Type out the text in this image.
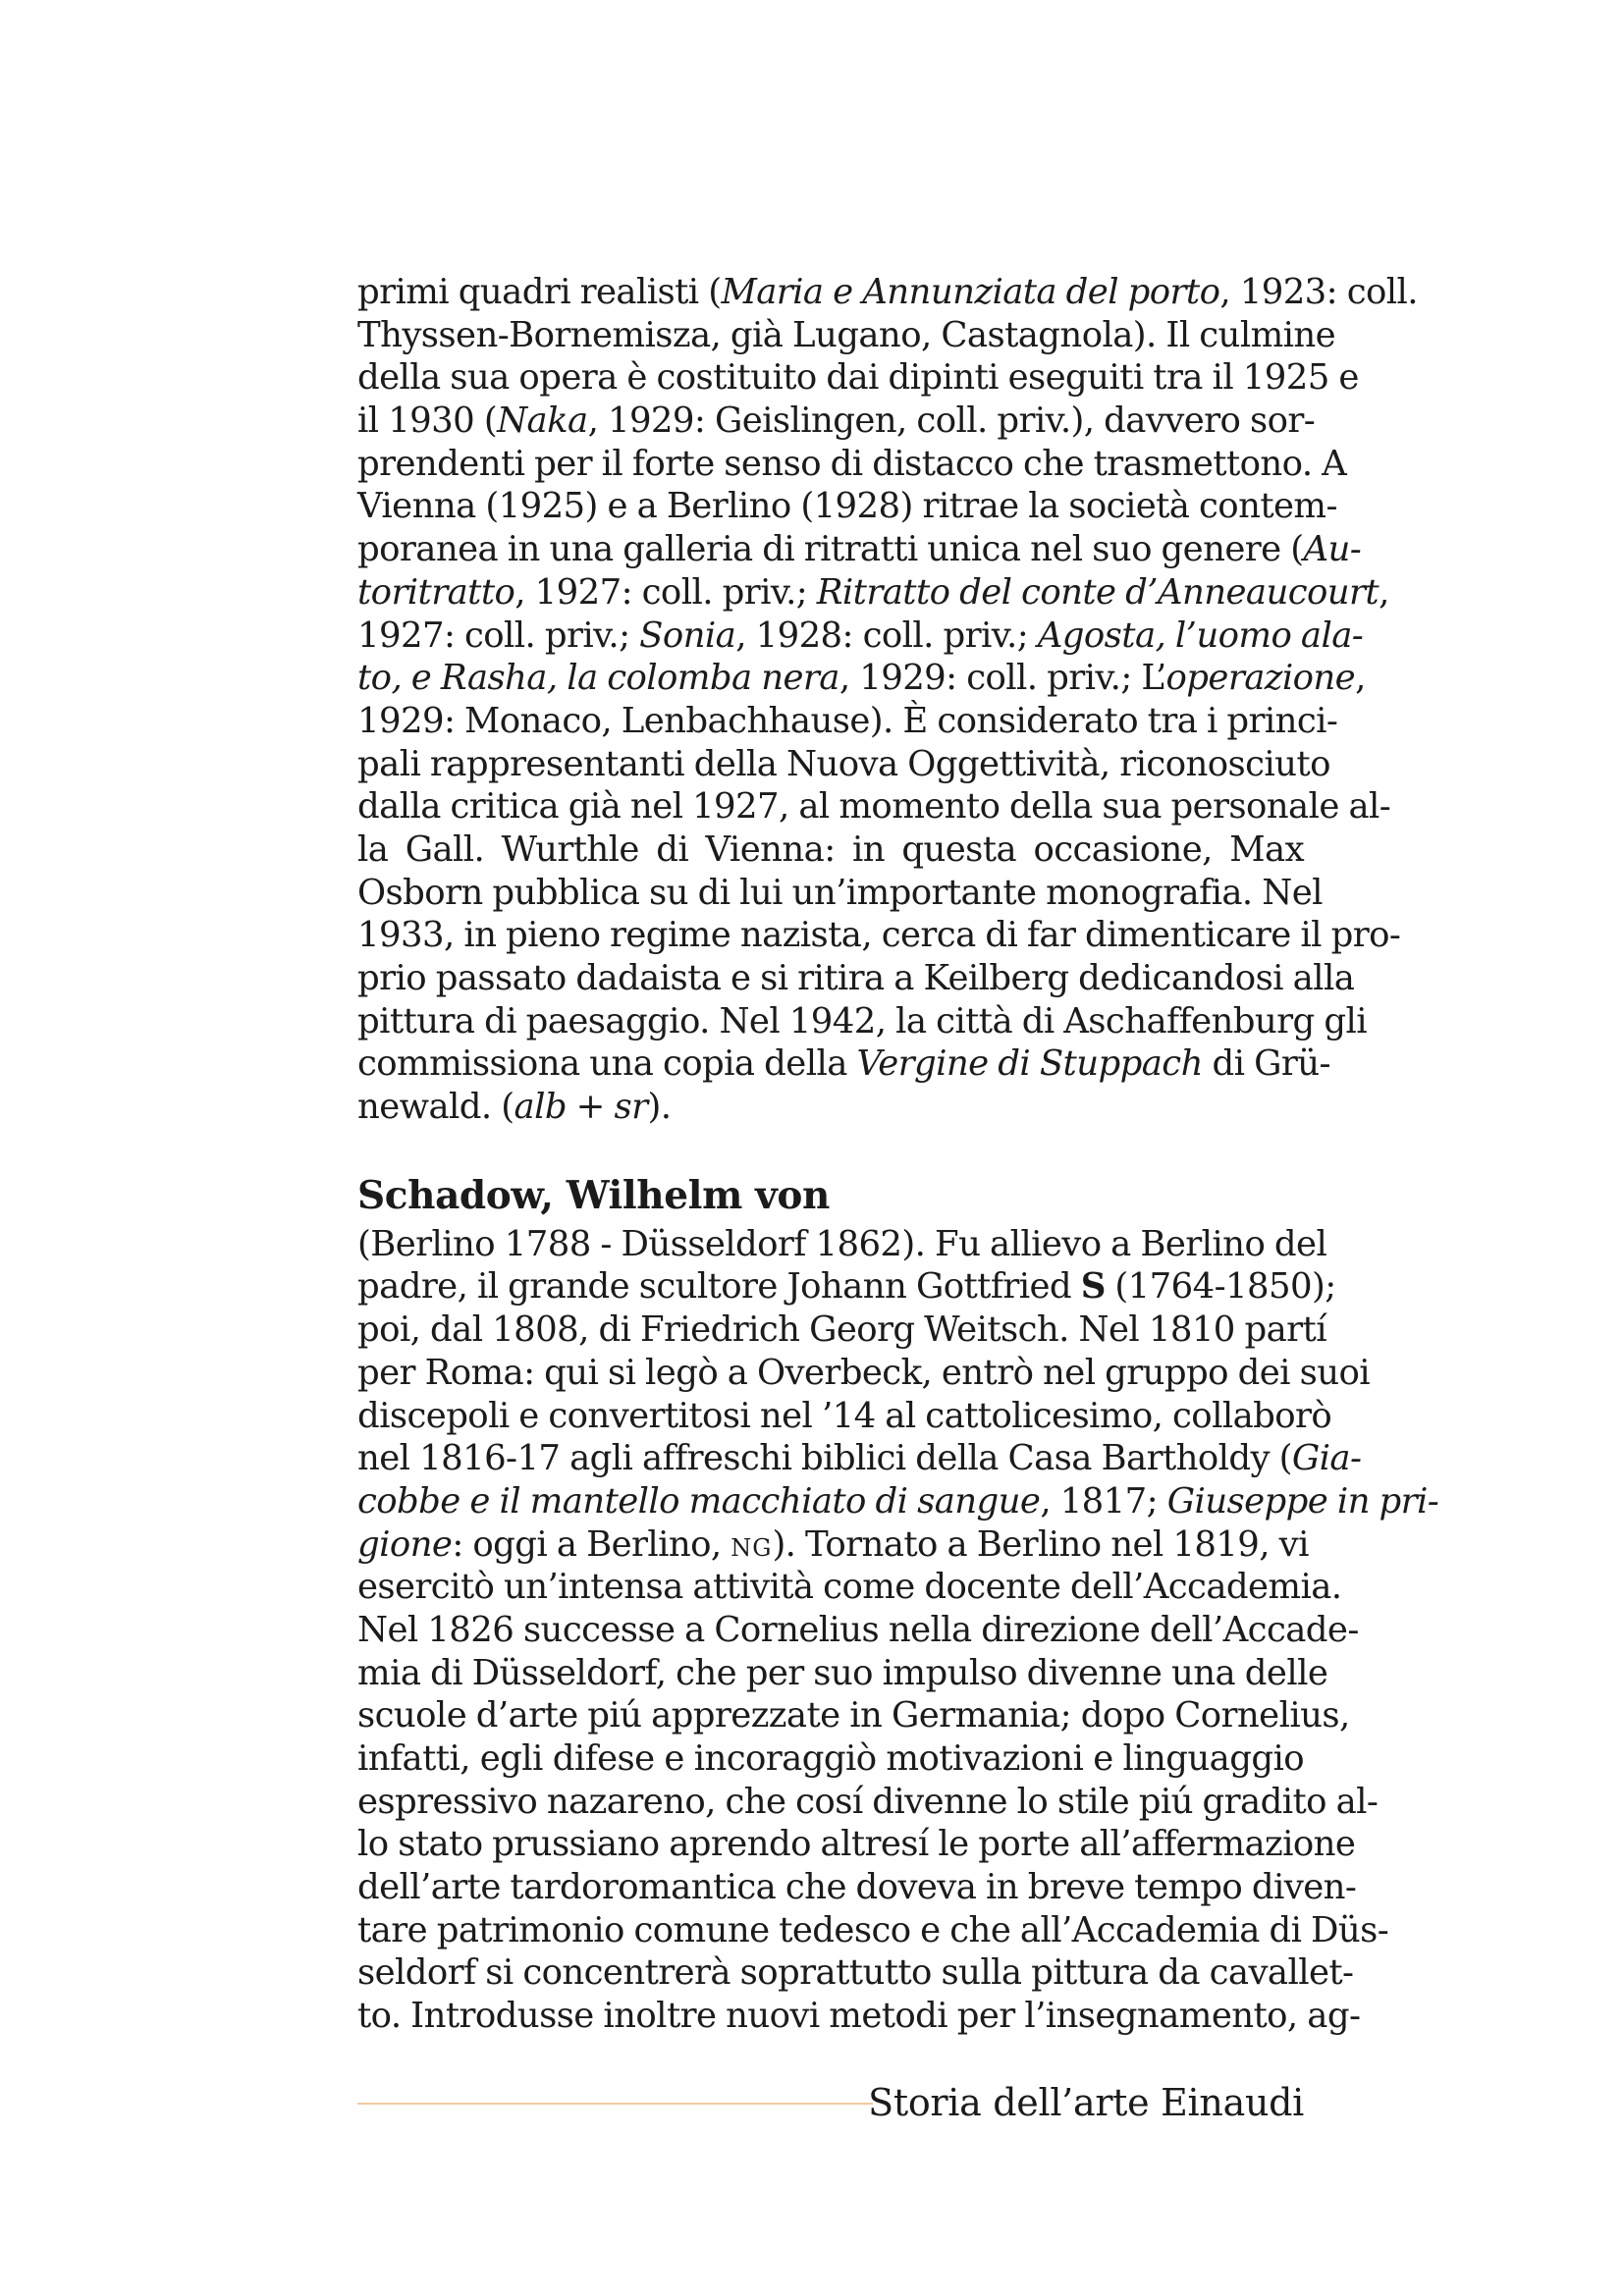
primi quadri realisti (Maria e Annunziata del porto, 1923: coll.
Thyssen-Bornemisza, già Lugano, Castagnola). Il culmine
della sua opera è costituito dai dipinti eseguiti tra il 1925 e
il 1930 (Naka, 1929: Geislingen, coll. priv.), davvero sor-
prendenti per il forte senso di distacco che trasmettono. A
Vienna (1925) e a Berlino (1928) ritrae la società contem-
poranea in una galleria di ritratti unica nel suo genere (Au-
toritratto, 1927: coll. priv.; Ritratto del conte d’Anneaucourt,
1927: coll. priv.; Sonia, 1928: coll. priv.; Agosta, l’uomo ala-
to, e Rasha, la colomba nera, 1929: coll. priv.; L’operazione,
1929: Monaco, Lenbachhause). È considerato tra i princi-
pali rappresentanti della Nuova Oggettività, riconosciuto
dalla critica già nel 1927, al momento della sua personale al-
la Gall. Wurthle di Vienna: in questa occasione, Max
Osborn pubblica su di lui un’importante monografia. Nel
1933, in pieno regime nazista, cerca di far dimenticare il pro-
prio passato dadaista e si ritira a Keilberg dedicandosi alla
pittura di paesaggio. Nel 1942, la città di Aschaffenburg gli
commissiona una copia della Vergine di Stuppach di Grü-
newald. (alb + sr).
Schadow, Wilhelm von
(Berlino 1788 - Düsseldorf 1862). Fu allievo a Berlino del
padre, il grande scultore Johann Gottfried S (1764-1850);
poi, dal 1808, di Friedrich Georg Weitsch. Nel 1810 partí
per Roma: qui si legò a Overbeck, entrò nel gruppo dei suoi
discepoli e convertitosi nel ’14 al cattolicesimo, collaborò
nel 1816-17 agli affreschi biblici della Casa Bartholdy (Gia-
cobbe e il mantello macchiato di sangue, 1817; Giuseppe in pri-
gione: oggi a Berlino, NG). Tornato a Berlino nel 1819, vi
esercitò un’intensa attività come docente dell’Accademia.
Nel 1826 successe a Cornelius nella direzione dell’Accade-
mia di Düsseldorf, che per suo impulso divenne una delle
scuole d’arte piú apprezzate in Germania; dopo Cornelius,
infatti, egli difese e incoraggiò motivazioni e linguaggio
espressivo nazareno, che cosí divenne lo stile piú gradito al-
lo stato prussiano aprendo altresí le porte all’affermazione
dell’arte tardoromantica che doveva in breve tempo diven-
tare patrimonio comune tedesco e che all’Accademia di Düs-
seldorf si concentrerà soprattutto sulla pittura da cavallet-
to. Introdusse inoltre nuovi metodi per l’insegnamento, ag-
Storia dell’arte Einaudi
